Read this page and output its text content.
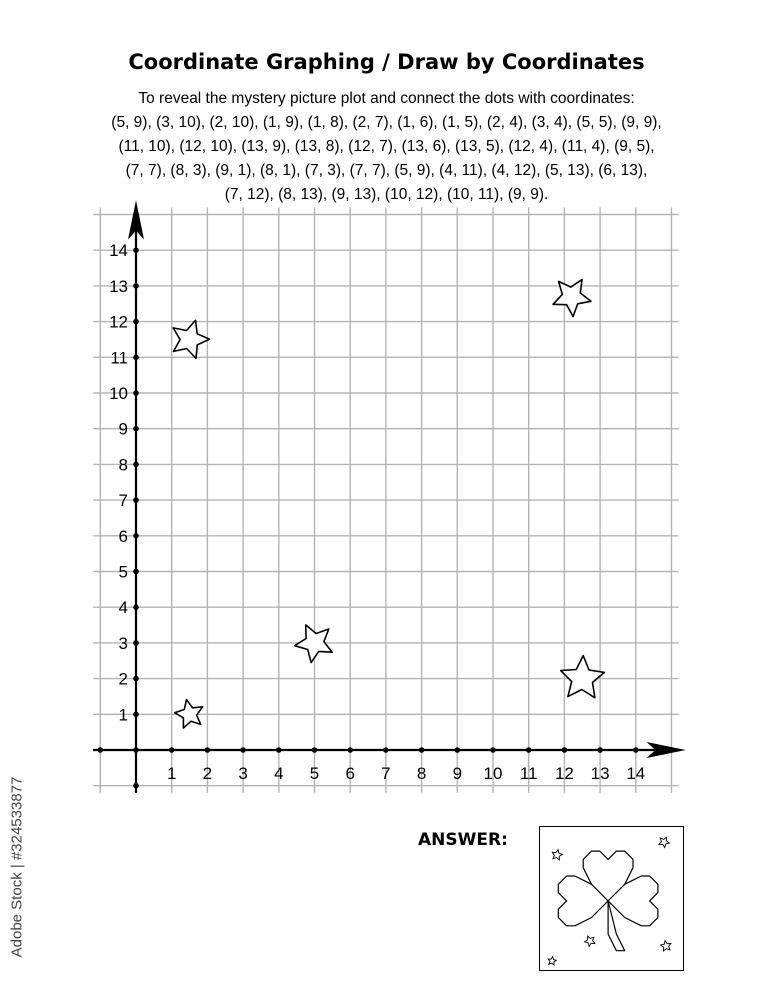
Coordinate Graphing / Draw by Coordinates
To reveal the mystery picture plot and connect the dots with coordinates:
(5, 9), (3, 10), (2, 10), (1, 9), (1, 8), (2, 7), (1, 6), (1, 5), (2, 4), (3, 4), (5, 5), (9, 9),
(11, 10), (12, 10), (13, 9), (13, 8), (12, 7), (13, 6), (13, 5), (12, 4), (11, 4), (9, 5),
(7, 7), (8, 3), (9, 1), (8, 1), (7, 3), (7, 7), (5, 9), (4, 11), (4, 12), (5, 13), (6, 13),
(7, 12), (8, 13), (9, 13), (10, 12), (10, 11), (9, 9).
1 2 3 4 5 6 7 8 9 10 11 12 13 14
1
2
3
4
5
6
7
8
9
10
11
12
13
14
ANSWER:
Adobe Stock | #324533877
